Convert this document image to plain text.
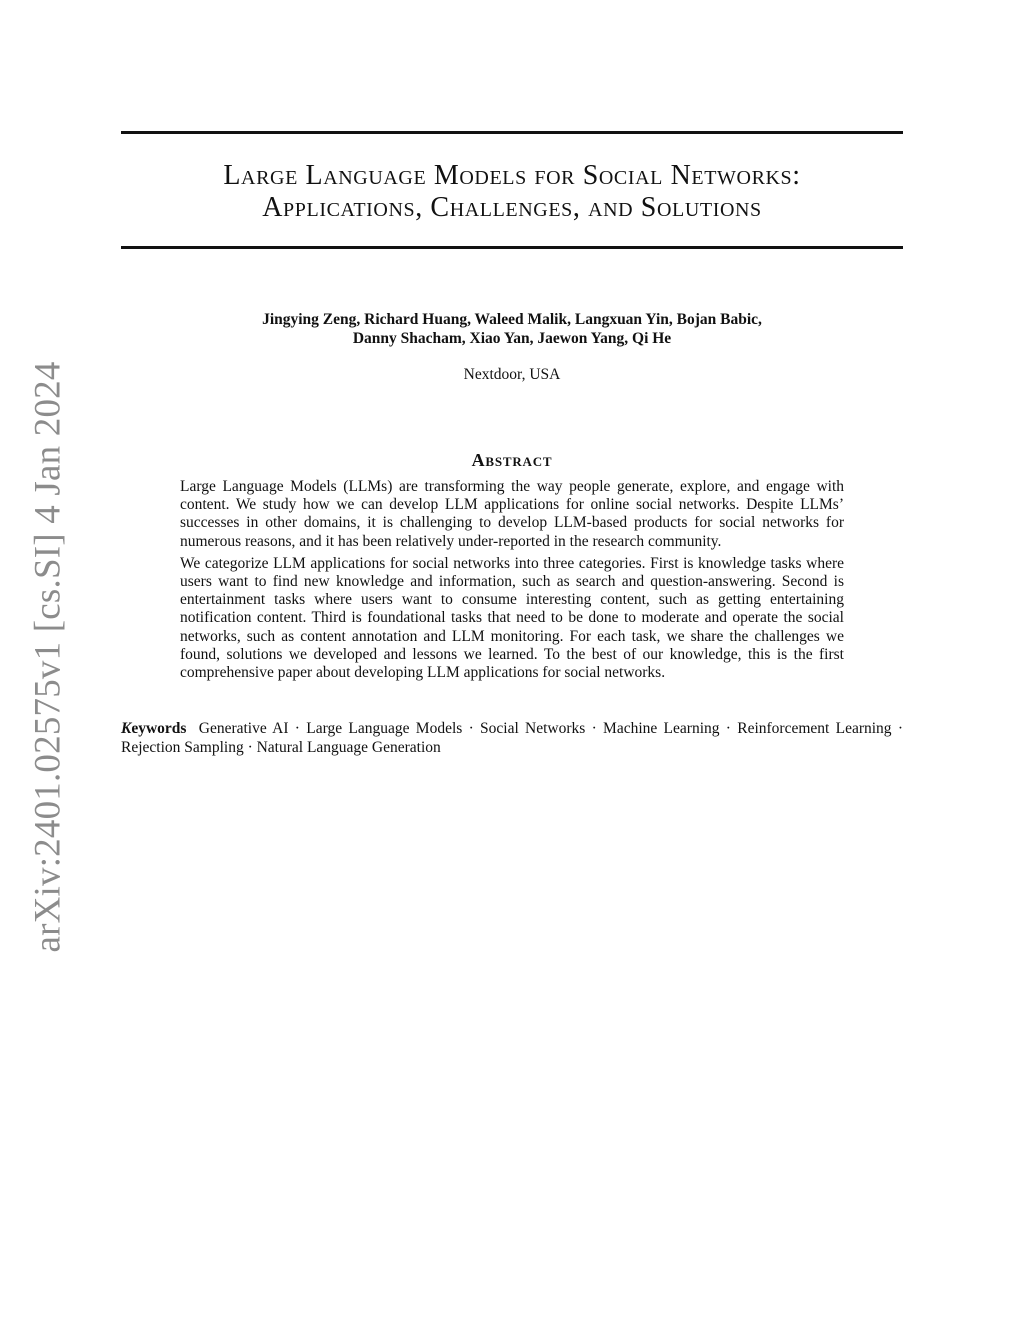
arXiv:2401.02575v1 [cs.SI] 4 Jan 2024
Large Language Models for Social Networks:
Applications, Challenges, and Solutions
Jingying Zeng, Richard Huang, Waleed Malik, Langxuan Yin, Bojan Babic,
Danny Shacham, Xiao Yan, Jaewon Yang, Qi He
Nextdoor, USA
Abstract

Large Language Models (LLMs) are transforming the way people generate, explore, and engage with content. We study how we can develop LLM applications for online social networks. Despite LLMs’ successes in other domains, it is challenging to develop LLM-based products for social networks for numerous reasons, and it has been relatively under-reported in the research community.

We categorize LLM applications for social networks into three categories. First is knowledge tasks where users want to find new knowledge and information, such as search and question-answering. Second is entertainment tasks where users want to consume interesting content, such as getting entertaining notification content. Third is foundational tasks that need to be done to moderate and operate the social networks, such as content annotation and LLM monitoring. For each task, we share the challenges we found, solutions we developed and lessons we learned. To the best of our knowledge, this is the first comprehensive paper about developing LLM applications for social networks.

Keywords Generative AI · Large Language Models · Social Networks · Machine Learning · Reinforcement Learning · Rejection Sampling · Natural Language Generation
